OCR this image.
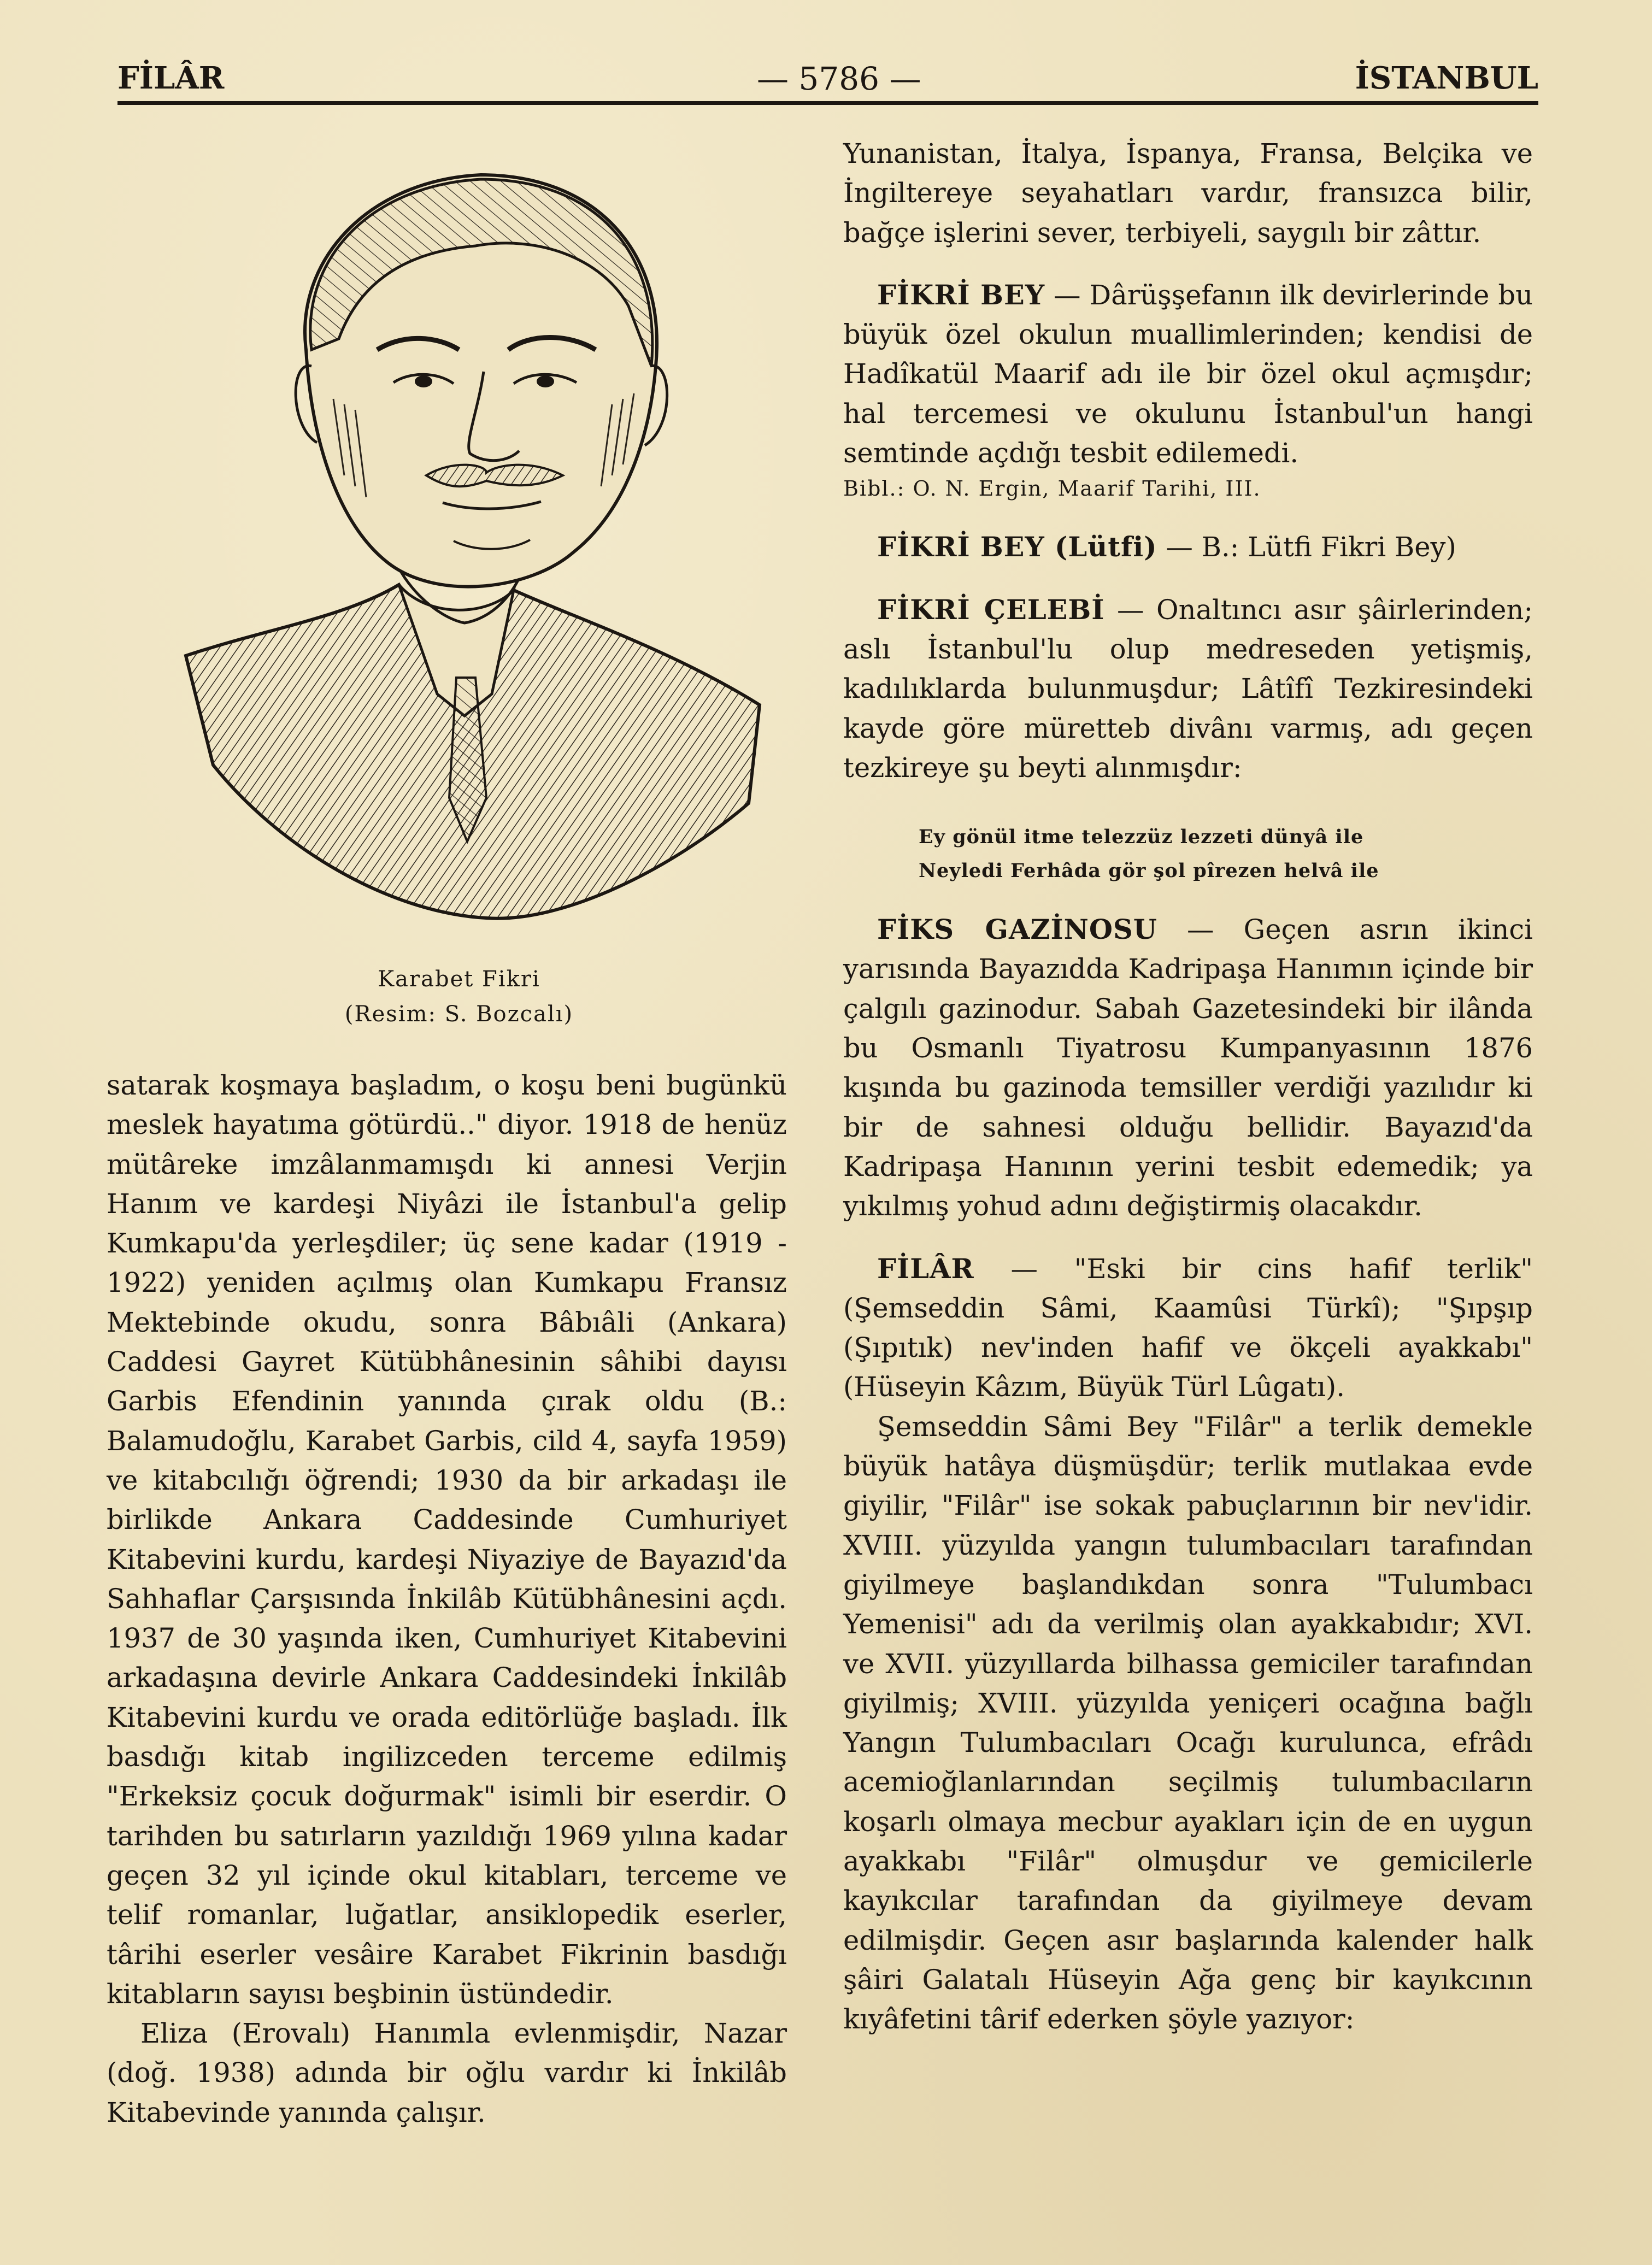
FİLÂR	— 5786 —	İSTANBUL
Karabet Fikri
(Resim: S. Bozcalı)

satarak koşmaya başladım, o koşu beni bugünkü meslek hayatıma götürdü.." diyor. 1918 de henüz mütâreke imzâlanmamışdı ki annesi Verjin Hanım ve kardeşi Niyâzi ile İstanbul'a gelip Kumkapu'da yerleşdiler; üç sene kadar (1919 - 1922) yeniden açılmış olan Kumkapu Fransız Mektebinde okudu, sonra Bâbıâli (Ankara) Caddesi Gayret Kütübhânesinin sâhibi dayısı Garbis Efendinin yanında çırak oldu (B.: Balamudoğlu, Karabet Garbis, cild 4, sayfa 1959) ve kitabcılığı öğrendi; 1930 da bir arkadaşı ile birlikde Ankara Caddesinde Cumhuriyet Kitabevini kurdu, kardeşi Niyaziye de Bayazıd'da Sahhaflar Çarşısında İnkilâb Kütübhânesini açdı. 1937 de 30 yaşında iken, Cumhuriyet Kitabevini arkadaşına devirle Ankara Caddesindeki İnkilâb Kitabevini kurdu ve orada editörlüğe başladı. İlk basdığı kitab ingilizceden terceme edilmiş "Erkeksiz çocuk doğurmak" isimli bir eserdir. O tarihden bu satırların yazıldığı 1969 yılına kadar geçen 32 yıl içinde okul kitabları, terceme ve telif romanlar, luğatlar, ansiklopedik eserler, târihi eserler vesâire Karabet Fikrinin basdığı kitabların sayısı beşbinin üstündedir.

Eliza (Erovalı) Hanımla evlenmişdir, Nazar (doğ. 1938) adında bir oğlu vardır ki İnkilâb Kitabevinde yanında çalışır.

Yunanistan, İtalya, İspanya, Fransa, Belçika ve İngiltereye seyahatları vardır, fransızca bilir, bağçe işlerini sever, terbiyeli, saygılı bir zâttır.

FİKRİ BEY — Dârüşşefanın ilk devirlerinde bu büyük özel okulun muallimlerinden; kendisi de Hadîkatül Maarif adı ile bir özel okul açmışdır; hal tercemesi ve okulunu İstanbul'un hangi semtinde açdığı tesbit edilemedi.

Bibl.: O. N. Ergin, Maarif Tarihi, III.

FİKRİ BEY (Lütfi) — B.: Lütfi Fikri Bey)

FİKRİ ÇELEBİ — Onaltıncı asır şâirlerinden; aslı İstanbul'lu olup medreseden yetişmiş, kadılıklarda bulunmuşdur; Lâtîfî Tezkiresindeki kayde göre müretteb divânı varmış, adı geçen tezkireye şu beyti alınmışdır:

Ey gönül itme telezzüz lezzeti dünyâ ile
Neyledi Ferhâda gör şol pîrezen helvâ ile

FİKS GAZİNOSU — Geçen asrın ikinci yarısında Bayazıdda Kadripaşa Hanımın içinde bir çalgılı gazinodur. Sabah Gazetesindeki bir ilânda bu Osmanlı Tiyatrosu Kumpanyasının 1876 kışında bu gazinoda temsiller verdiği yazılıdır ki bir de sahnesi olduğu bellidir. Bayazıd'da Kadripaşa Hanının yerini tesbit edemedik; ya yıkılmış yohud adını değiştirmiş olacakdır.

FİLÂR — "Eski bir cins hafif terlik" (Şemseddin Sâmi, Kaamûsi Türkî); "Şıpşıp (Şıpıtık) nev'inden hafif ve ökçeli ayakkabı" (Hüseyin Kâzım, Büyük Türl Lûgatı).

Şemseddin Sâmi Bey "Filâr" a terlik demekle büyük hatâya düşmüşdür; terlik mutlakaa evde giyilir, "Filâr" ise sokak pabuçlarının bir nev'idir. XVIII. yüzyılda yangın tulumbacıları tarafından giyilmeye başlandıkdan sonra "Tulumbacı Yemenisi" adı da verilmiş olan ayakkabıdır; XVI. ve XVII. yüzyıllarda bilhassa gemiciler tarafından giyilmiş; XVIII. yüzyılda yeniçeri ocağına bağlı Yangın Tulumbacıları Ocağı kurulunca, efrâdı acemioğlanlarından seçilmiş tulumbacıların koşarlı olmaya mecbur ayakları için de en uygun ayakkabı "Filâr" olmuşdur ve gemicilerle kayıkcılar tarafından da giyilmeye devam edilmişdir. Geçen asır başlarında kalender halk şâiri Galatalı Hüseyin Ağa genç bir kayıkcının kıyâfetini târif ederken şöyle yazıyor:
